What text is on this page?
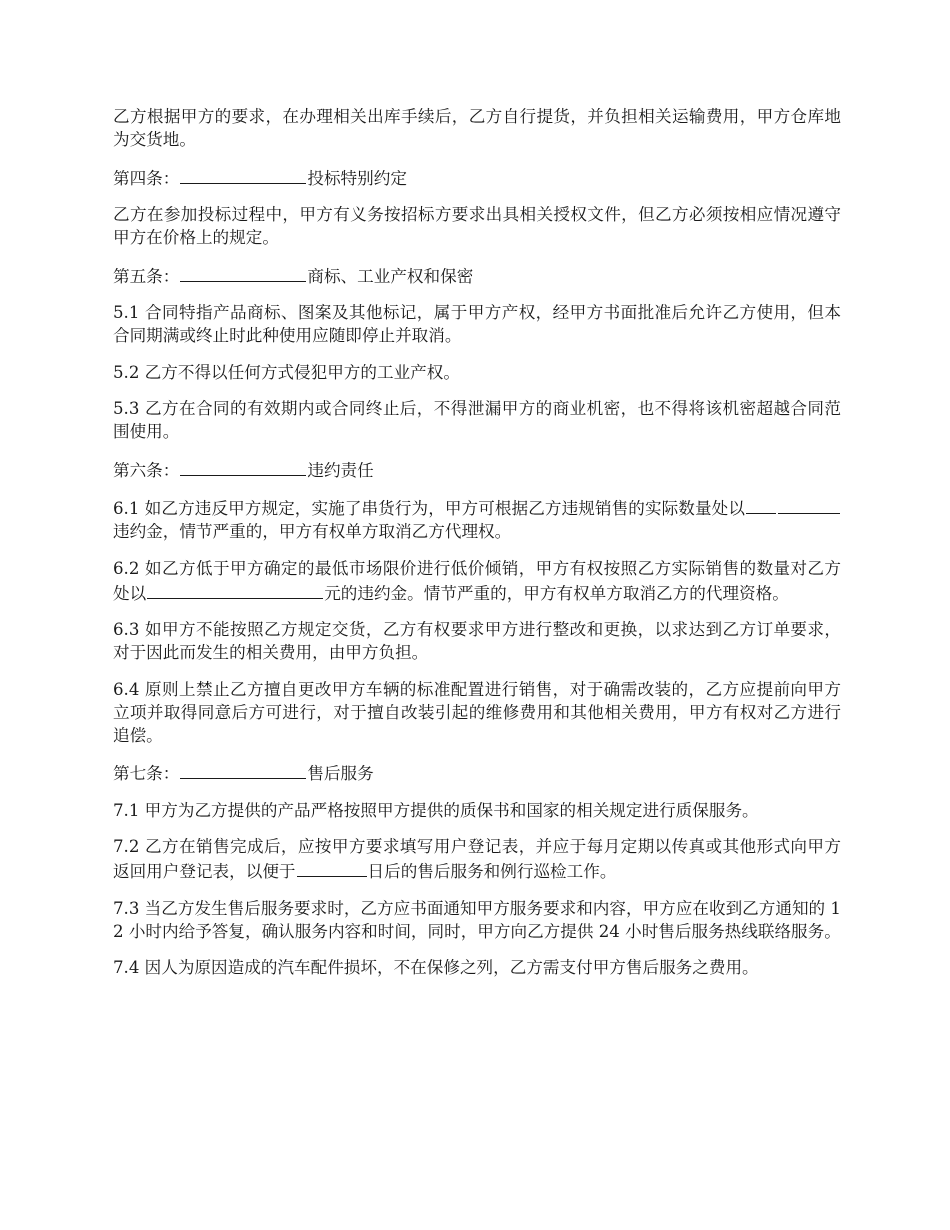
乙方根据甲方的要求，在办理相关出库手续后，乙方自行提货，并负担相关运输费用，甲方仓库地为交货地。

第四条：	投标特别约定

乙方在参加投标过程中，甲方有义务按招标方要求出具相关授权文件，但乙方必须按相应情况遵守甲方在价格上的规定。

第五条：	商标、工业产权和保密

5.1 合同特指产品商标、图案及其他标记，属于甲方产权，经甲方书面批准后允许乙方使用，但本合同期满或终止时此种使用应随即停止并取消。

5.2 乙方不得以任何方式侵犯甲方的工业产权。

5.3 乙方在合同的有效期内或合同终止后，不得泄漏甲方的商业机密，也不得将该机密超越合同范围使用。

第六条：	违约责任

6.1 如乙方违反甲方规定，实施了串货行为，甲方可根据乙方违规销售的实际数量处以违约金，情节严重的，甲方有权单方取消乙方代理权。

6.2 如乙方低于甲方确定的最低市场限价进行低价倾销，甲方有权按照乙方实际销售的数量对乙方处以	元的违约金。情节严重的，甲方有权单方取消乙方的代理资格。

6.3 如甲方不能按照乙方规定交货，乙方有权要求甲方进行整改和更换，以求达到乙方订单要求，对于因此而发生的相关费用，由甲方负担。

6.4 原则上禁止乙方擅自更改甲方车辆的标准配置进行销售，对于确需改装的，乙方应提前向甲方立项并取得同意后方可进行，对于擅自改装引起的维修费用和其他相关费用，甲方有权对乙方进行追偿。

第七条：	售后服务

7.1 甲方为乙方提供的产品严格按照甲方提供的质保书和国家的相关规定进行质保服务。

7.2 乙方在销售完成后，应按甲方要求填写用户登记表，并应于每月定期以传真或其他形式向甲方返回用户登记表，以便于	日后的售后服务和例行巡检工作。

7.3 当乙方发生售后服务要求时，乙方应书面通知甲方服务要求和内容，甲方应在收到乙方通知的 12 小时内给予答复，确认服务内容和时间，同时，甲方向乙方提供 24 小时售后服务热线联络服务。

7.4 因人为原因造成的汽车配件损坏，不在保修之列，乙方需支付甲方售后服务之费用。
